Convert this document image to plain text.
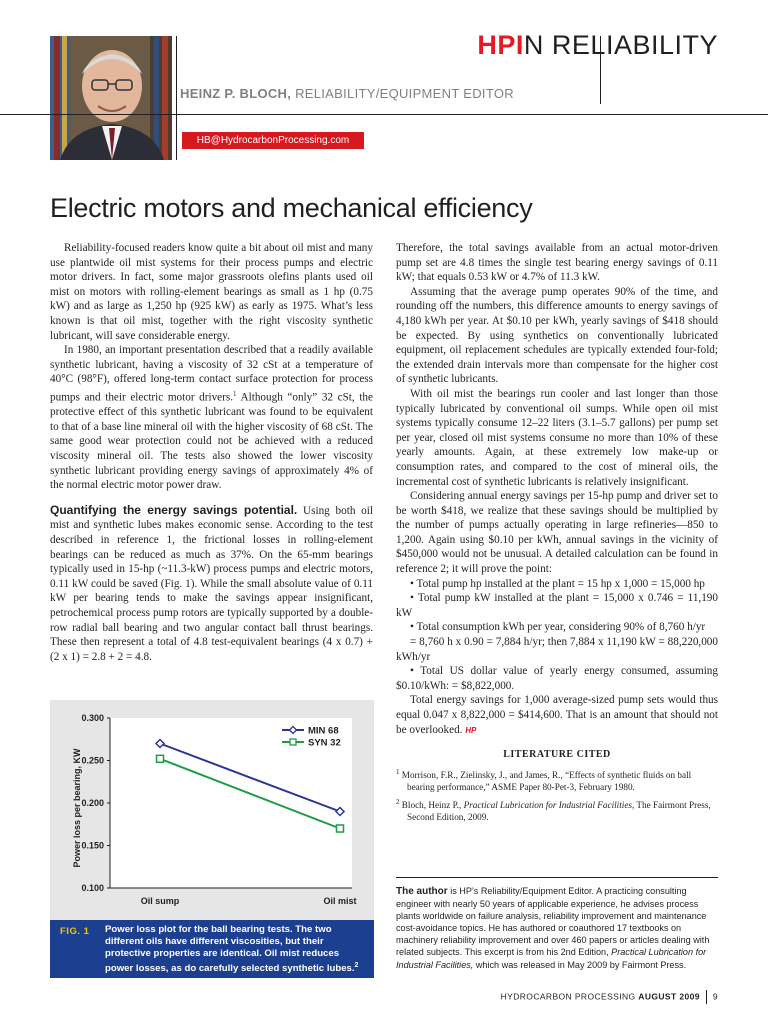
HPIN RELIABILITY
HEINZ P. BLOCH, RELIABILITY/EQUIPMENT EDITOR
HB@HydrocarbonProcessing.com
Electric motors and mechanical efficiency

Reliability-focused readers know quite a bit about oil mist and many use plantwide oil mist systems for their process pumps and electric motor drivers. In fact, some major grassroots olefins plants used oil mist on motors with rolling-element bearings as small as 1 hp (0.75 kW) and as large as 1,250 hp (925 kW) as early as 1975. What’s less known is that oil mist, together with the right viscosity synthetic lubricant, will save considerable energy.

In 1980, an important presentation described that a readily available synthetic lubricant, having a viscosity of 32 cSt at a temperature of 40°C (98°F), offered long-term contact surface protection for process pumps and their electric motor drivers.$^1$ Although “only” 32 cSt, the protective effect of this synthetic lubricant was found to be equivalent to that of a base line mineral oil with the higher viscosity of 68 cSt. The same good wear protection could not be achieved with a reduced viscosity mineral oil. The tests also showed the lower viscosity synthetic lubricant providing energy savings of approximately 4% of the normal electric motor power draw.

Quantifying the energy savings potential. Using both oil mist and synthetic lubes makes economic sense. According to the test described in reference 1, the frictional losses in rolling-element bearings can be reduced as much as 37%. On the 65-mm bearings typically used in 15-hp (~11.3-kW) process pumps and electric motors, 0.11 kW could be saved (Fig. 1). While the small absolute value of 0.11 kW per bearing tends to make the savings appear insignificant, petrochemical process pump rotors are typically supported by a double-row radial ball bearing and two angular contact ball thrust bearings. These then represent a total of 4.8 test-equivalent bearings (4 x 0.7) + (2 x 1) = 2.8 + 2 = 4.8.

0.300
0.250
0.200
0.150
0.100
Oil sump	Oil mist
MIN 68
SYN 32
Power loss per bearing, KW
FIG. 1 Power loss plot for the ball bearing tests. The two different oils have different viscosities, but their protective properties are identical. Oil mist reduces power losses, as do carefully selected synthetic lubes.$^2$

Therefore, the total savings available from an actual motor-driven pump set are 4.8 times the single test bearing energy savings of 0.11 kW; that equals 0.53 kW or 4.7% of 11.3 kW.

Assuming that the average pump operates 90% of the time, and rounding off the numbers, this difference amounts to energy savings of 4,180 kWh per year. At $0.10 per kWh, yearly savings of $418 should be expected. By using synthetics on conventionally lubricated equipment, oil replacement schedules are typically extended four-fold; the extended drain intervals more than compensate for the higher cost of synthetic lubricants.

With oil mist the bearings run cooler and last longer than those typically lubricated by conventional oil sumps. While open oil mist systems typically consume 12–22 liters (3.1–5.7 gallons) per pump set per year, closed oil mist systems consume no more than 10% of these yearly amounts. Again, at these extremely low make-up or consumption rates, and compared to the cost of mineral oils, the incremental cost of synthetic lubricants is relatively insignificant.

Considering annual energy savings per 15-hp pump and driver set to be worth $418, we realize that these savings should be multiplied by the number of pumps actually operating in large refineries—850 to 1,200. Again using $0.10 per kWh, annual savings in the vicinity of $450,000 would not be unusual. A detailed calculation can be found in reference 2; it will prove the point:

• Total pump hp installed at the plant = 15 hp x 1,000 = 15,000 hp

• Total pump kW installed at the plant = 15,000 x 0.746 = 11,190 kW

• Total consumption kWh per year, considering 90% of 8,760 h/yr

= 8,760 h x 0.90 = 7,884 h/yr; then 7,884 x 11,190 kW = 88,220,000 kWh/yr

• Total US dollar value of yearly energy consumed, assuming $0.10/kWh: = $8,822,000.

Total energy savings for 1,000 average-sized pump sets would thus equal 0.047 x 8,822,000 = $414,600. That is an amount that should not be overlooked. HP

LITERATURE CITED

$^1$ Morrison, F.R., Zielinsky, J., and James, R., “Effects of synthetic fluids on ball bearing performance,” ASME Paper 80-Pet-3, February 1980.

$^2$ Bloch, Heinz P., Practical Lubrication for Industrial Facilities, The Fairmont Press, Second Edition, 2009.

The author is HP’s Reliability/Equipment Editor. A practicing consulting engineer with nearly 50 years of applicable experience, he advises process plants worldwide on failure analysis, reliability improvement and maintenance cost-avoidance topics. He has authored or coauthored 17 textbooks on machinery reliability improvement and over 460 papers or articles dealing with related subjects. This excerpt is from his 2nd Edition, Practical Lubrication for Industrial Facilities, which was released in May 2009 by Fairmont Press.
HYDROCARBON PROCESSING AUGUST 2009 9
